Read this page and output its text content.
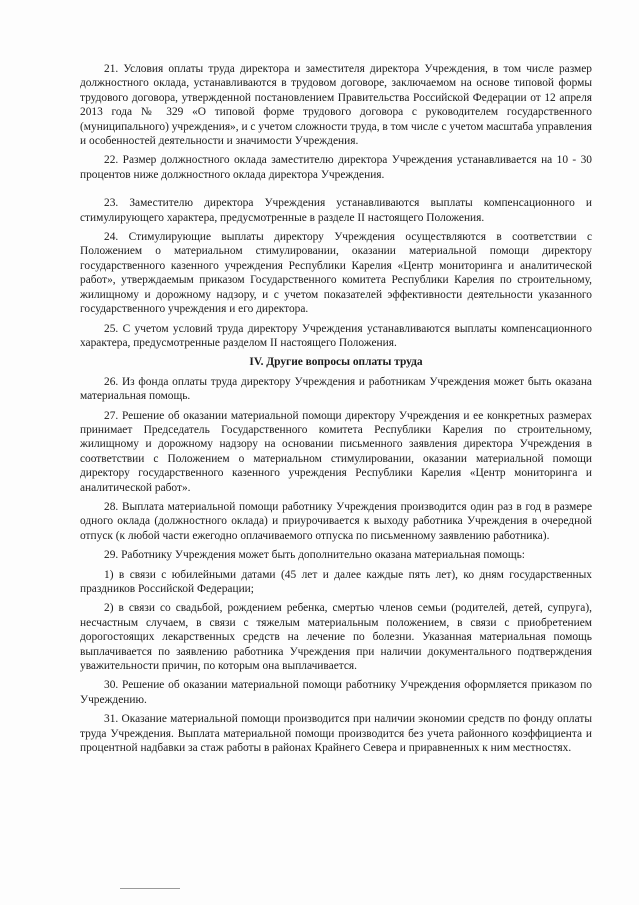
21. Условия оплаты труда директора и заместителя директора Учреждения, в том числе размер должностного оклада, устанавливаются в трудовом договоре, заключаемом на основе типовой формы трудового договора, утвержденной постановлением Правительства Российской Федерации от 12 апреля 2013 года № 329 «О типовой форме трудового договора с руководителем государственного (муниципального) учреждения», и с учетом сложности труда, в том числе с учетом масштаба управления и особенностей деятельности и значимости Учреждения.

22. Размер должностного оклада заместителю директора Учреждения устанавливается на 10 - 30 процентов ниже должностного оклада директора Учреждения.

23. Заместителю директора Учреждения устанавливаются выплаты компенсационного и стимулирующего характера, предусмотренные в разделе II настоящего Положения.

24. Стимулирующие выплаты директору Учреждения осуществляются в соответствии с Положением о материальном стимулировании, оказании материальной помощи директору государственного казенного учреждения Республики Карелия «Центр мониторинга и аналитической работ», утверждаемым приказом Государственного комитета Республики Карелия по строительному, жилищному и дорожному надзору, и с учетом показателей эффективности деятельности указанного государственного учреждения и его директора.

25. С учетом условий труда директору Учреждения устанавливаются выплаты компенсационного характера, предусмотренные разделом II настоящего Положения.

IV. Другие вопросы оплаты труда

26. Из фонда оплаты труда директору Учреждения и работникам Учреждения может быть оказана материальная помощь.

27. Решение об оказании материальной помощи директору Учреждения и ее конкретных размерах принимает Председатель Государственного комитета Республики Карелия по строительному, жилищному и дорожному надзору на основании письменного заявления директора Учреждения в соответствии с Положением о материальном стимулировании, оказании материальной помощи директору государственного казенного учреждения Республики Карелия «Центр мониторинга и аналитической работ».

28. Выплата материальной помощи работнику Учреждения производится один раз в год в размере одного оклада (должностного оклада) и приурочивается к выходу работника Учреждения в очередной отпуск (к любой части ежегодно оплачиваемого отпуска по письменному заявлению работника).

29. Работнику Учреждения может быть дополнительно оказана материальная помощь:

1) в связи с юбилейными датами (45 лет и далее каждые пять лет), ко дням государственных праздников Российской Федерации;

2) в связи со свадьбой, рождением ребенка, смертью членов семьи (родителей, детей, супруга), несчастным случаем, в связи с тяжелым материальным положением, в связи с приобретением дорогостоящих лекарственных средств на лечение по болезни. Указанная материальная помощь выплачивается по заявлению работника Учреждения при наличии документального подтверждения уважительности причин, по которым она выплачивается.

30. Решение об оказании материальной помощи работнику Учреждения оформляется приказом по Учреждению.

31. Оказание материальной помощи производится при наличии экономии средств по фонду оплаты труда Учреждения. Выплата материальной помощи производится без учета районного коэффициента и процентной надбавки за стаж работы в районах Крайнего Севера и приравненных к ним местностях.
